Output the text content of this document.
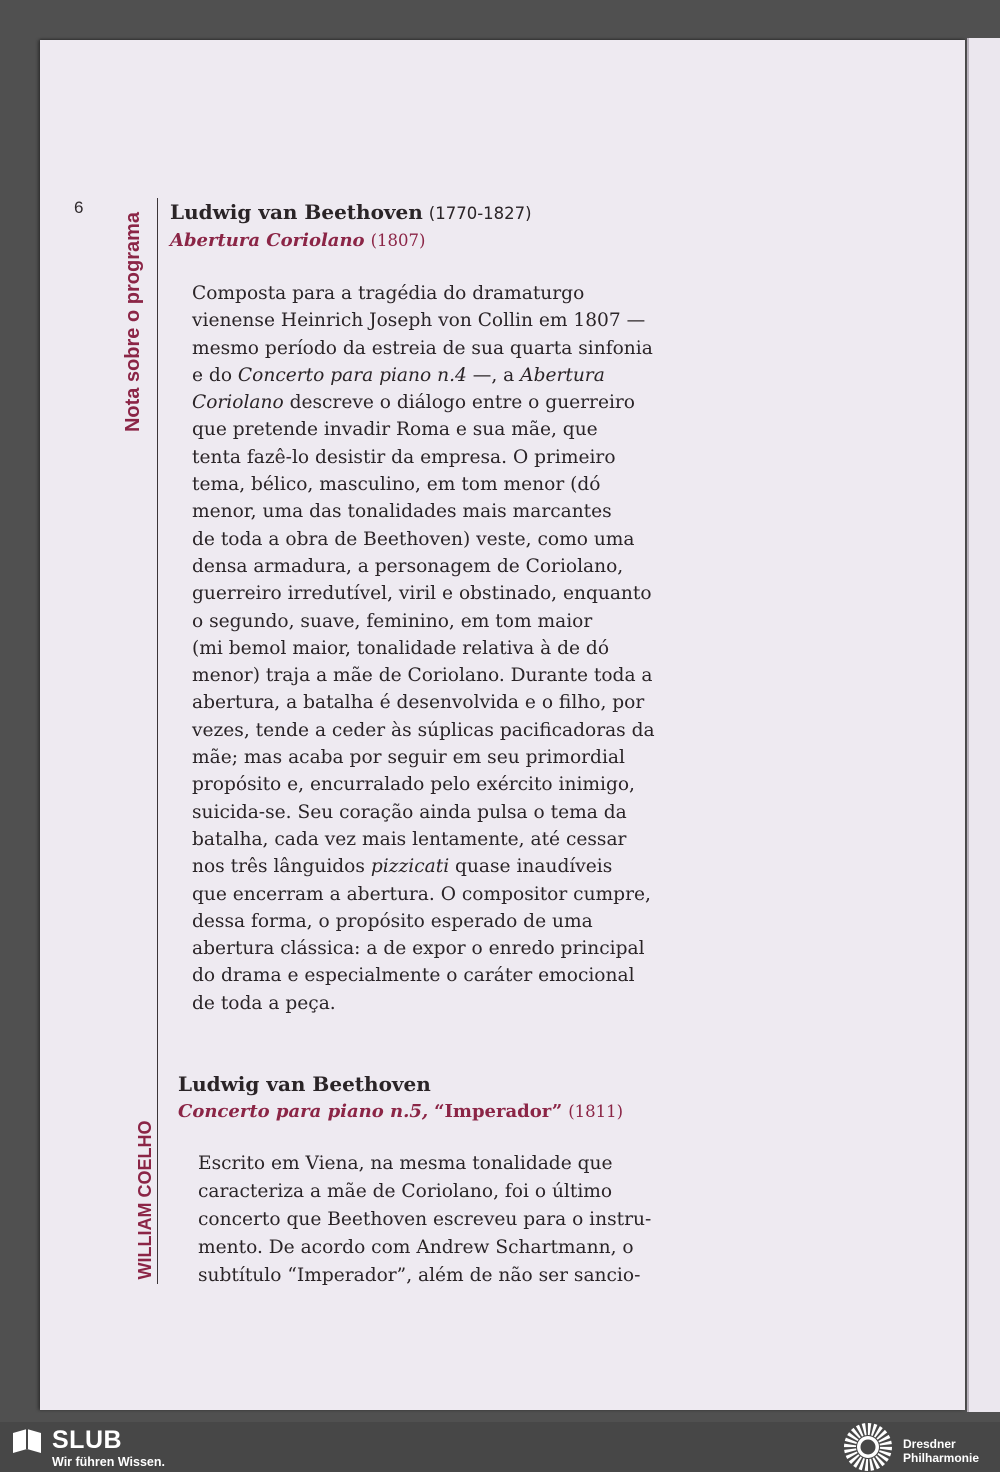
6
Nota sobre o programa
WILLIAM COELHO
Ludwig van Beethoven (1770-1827)
Abertura Coriolano (1807)
Composta para a tragédia do dramaturgo
vienense Heinrich Joseph von Collin em 1807 —
mesmo período da estreia de sua quarta sinfonia
e do Concerto para piano n.4 —, a Abertura
Coriolano descreve o diálogo entre o guerreiro
que pretende invadir Roma e sua mãe, que
tenta fazê-lo desistir da empresa. O primeiro
tema, bélico, masculino, em tom menor (dó
menor, uma das tonalidades mais marcantes
de toda a obra de Beethoven) veste, como uma
densa armadura, a personagem de Coriolano,
guerreiro irredutível, viril e obstinado, enquanto
o segundo, suave, feminino, em tom maior
(mi bemol maior, tonalidade relativa à de dó
menor) traja a mãe de Coriolano. Durante toda a
abertura, a batalha é desenvolvida e o filho, por
vezes, tende a ceder às súplicas pacificadoras da
mãe; mas acaba por seguir em seu primordial
propósito e, encurralado pelo exército inimigo,
suicida-se. Seu coração ainda pulsa o tema da
batalha, cada vez mais lentamente, até cessar
nos três lânguidos pizzicati quase inaudíveis
que encerram a abertura. O compositor cumpre,
dessa forma, o propósito esperado de uma
abertura clássica: a de expor o enredo principal
do drama e especialmente o caráter emocional
de toda a peça.
Ludwig van Beethoven
Concerto para piano n.5, “Imperador” (1811)
Escrito em Viena, na mesma tonalidade que
caracteriza a mãe de Coriolano, foi o último
concerto que Beethoven escreveu para o instru-
mento. De acordo com Andrew Schartmann, o
subtítulo “Imperador”, além de não ser sancio-
SLUB
Wir führen Wissen.
Dresdner
Philharmonie
